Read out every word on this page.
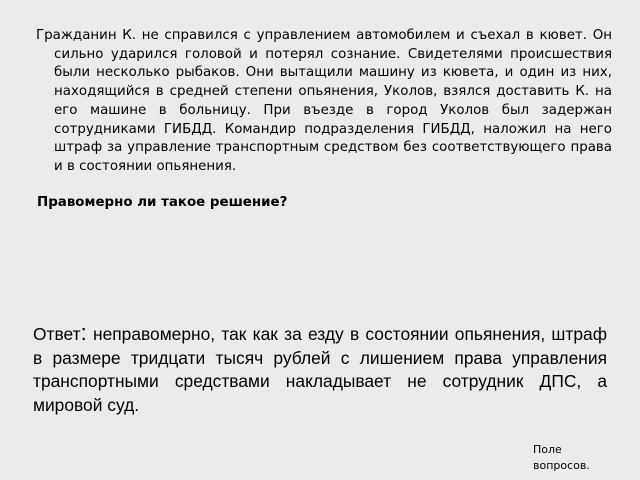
Гражданин К. не справился с управлением автомобилем и съехал в кювет. Он сильно ударился головой и потерял сознание. Свидетелями происшествия были несколько рыбаков. Они вытащили машину из кювета, и один из них, находящийся в средней степени опьянения, Уколов, взялся доставить К. на его машине в больницу. При въезде в город Уколов был задержан сотрудниками ГИБДД. Командир подразделения ГИБДД, наложил на него штраф за управление транспортным средством без соответствующего права и в состоянии опьянения.

Правомерно ли такое решение?

Ответ: неправомерно, так как за езду в состоянии опьянения, штраф в размере тридцати тысяч рублей с лишением права управления транспортными средствами накладывает не сотрудник ДПС, а мировой суд.

Поле вопросов.
